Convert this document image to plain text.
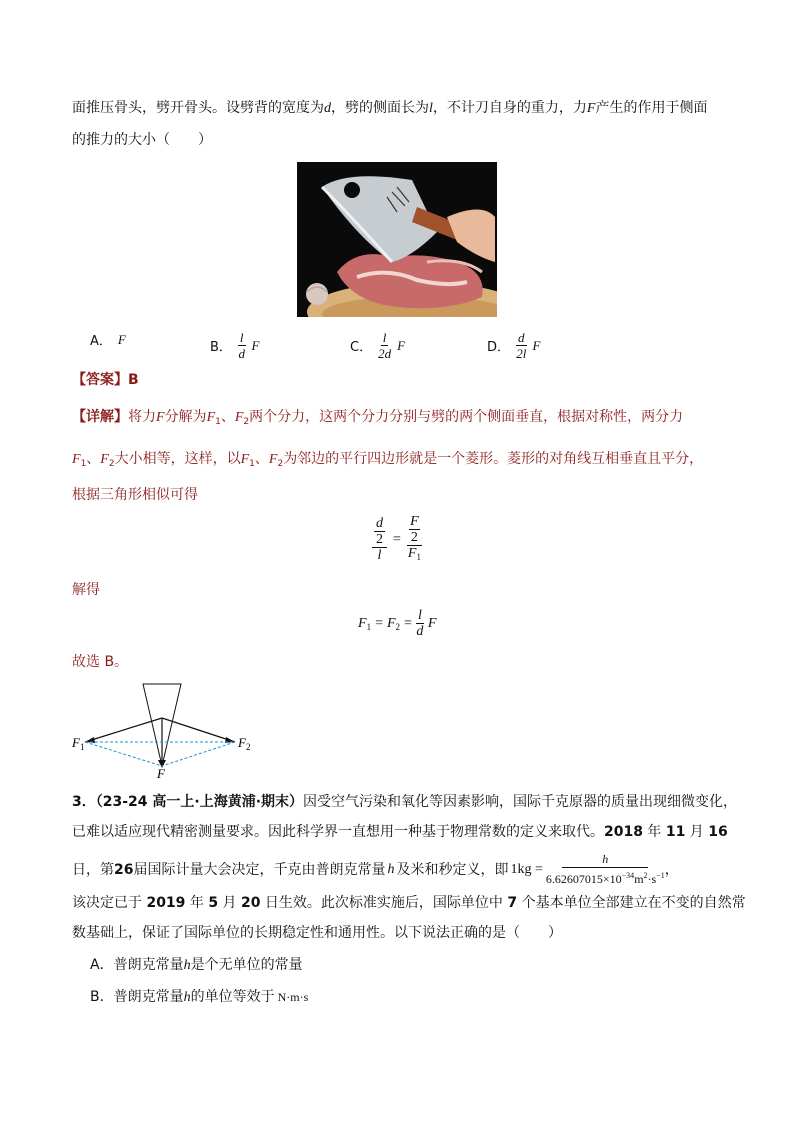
面推压骨头，劈开骨头。设劈背的宽度为d，劈的侧面长为l，不计刀自身的重力，力F产生的作用于侧面
的推力的大小（　　）
A． F
B． $\frac{l}{d}$ F	C． $\frac{l}{2d}$ F	D． $\frac{d}{2l}$ F
【答案】B
【详解】将力F分解为$F_1$、$F_2$两个分力，这两个分力分别与劈的两个侧面垂直，根据对称性，两分力
$F_1$、$F_2$大小相等，这样，以$F_1$、$F_2$为邻边的平行四边形就是一个菱形。菱形的对角线互相垂直且平分，
根据三角形相似可得
d
2
l = F
2
$F_1$
解得
$F_1 = F_2 = \frac{l}{d}$ F
故选 B。
$F_1$	$F_2$
F
3．（23-24 高一上·上海黄浦·期末）因受空气污染和氧化等因素影响，国际千克原器的质量出现细微变化，
已难以适应现代精密测量要求。因此科学界一直想用一种基于物理常数的定义来取代。2018 年 11 月 16
日，第 26 届国际计量大会决定，千克由普朗克常量 h 及米和秒定义，即 $1kg = \frac{h}{6.62607015\times 10^{-34}m^2\cdot s^{-1}}$ ，
该决定已于 2019 年 5 月 20 日生效。此次标准实施后，国际单位中 7 个基本单位全部建立在不变的自然常
数基础上，保证了国际单位的长期稳定性和通用性。以下说法正确的是（　　）
A．普朗克常量h是个无单位的常量
B．普朗克常量h的单位等效于 N·m·s
